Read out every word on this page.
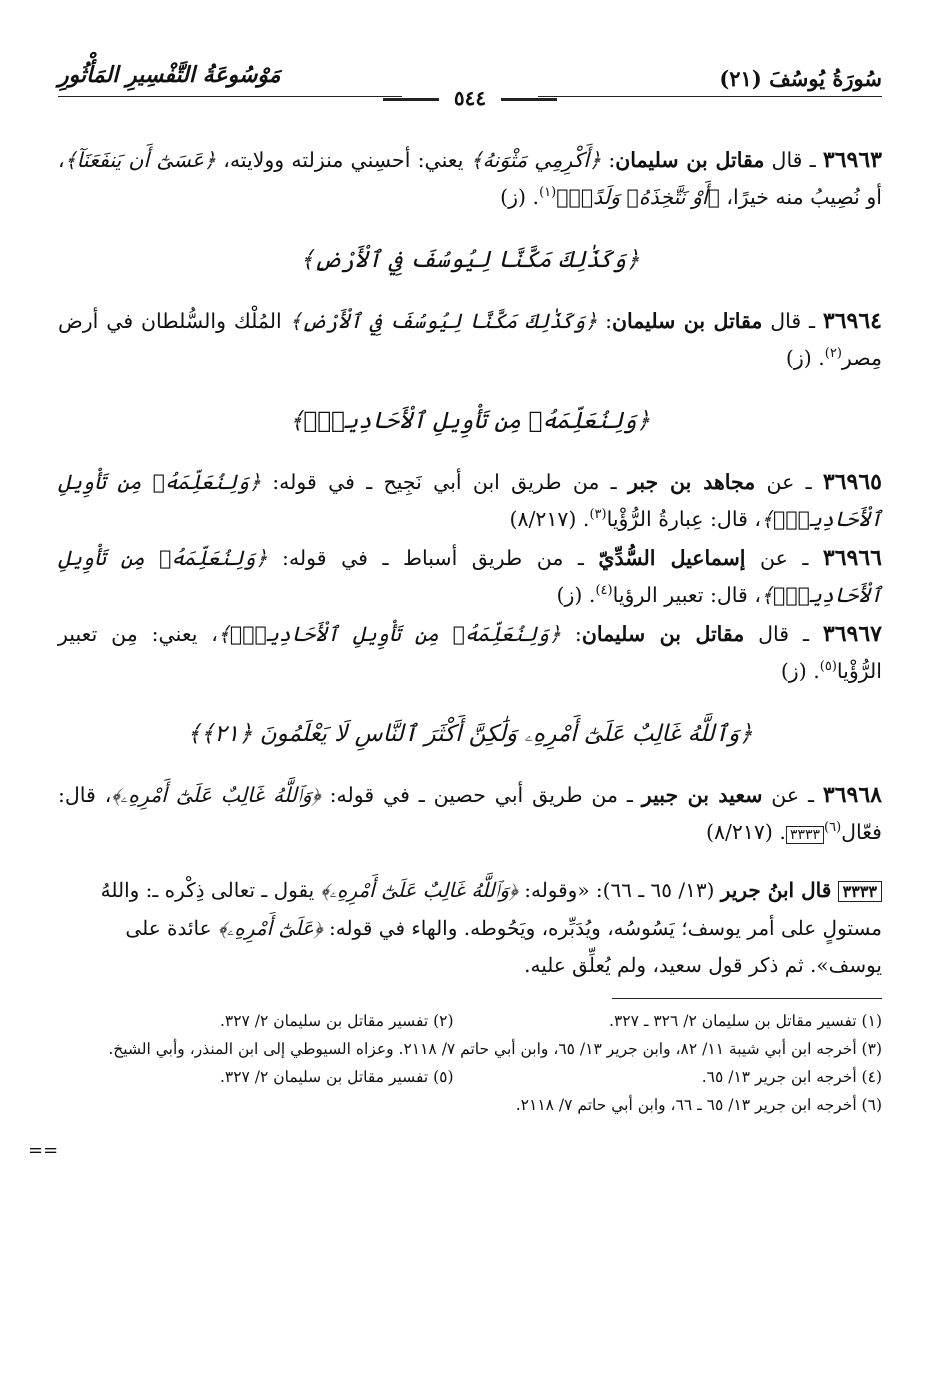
سُورَةُ يُوسُفَ (٢١)
مَوْسُوعَةُ التَّفْسِيرِ المَأْثُورِ
٥٤٤

٣٦٩٦٣ ـ قال مقاتل بن سليمان: ﴿أَكْرِمِي مَثْوَنهُ﴾ يعني: أحسِني منزلته وولايته، ﴿عَسَىٰٓ أَن يَنفَعَنَآ﴾، أو نُصِيبُ منه خيرًا، ﴿أَوْ نَتَّخِذَهُۥ وَلَدًاۚ﴾$^{(١)}$. (ز)

﴿وَكَذَٰلِكَ مَكَّنَّا لِيُوسُفَ فِي ٱلْأَرْضِ﴾

٣٦٩٦٤ ـ قال مقاتل بن سليمان: ﴿وَكَذَٰلِكَ مَكَّنَّا لِيُوسُفَ فِي ٱلْأَرْضِ﴾ المُلْك والسُّلطان في أرض مِصر$^{(٢)}$. (ز)

﴿وَلِنُعَلِّمَهُۥ مِن تَأْوِيلِ ٱلْأَحَادِيثِۚ﴾

٣٦٩٦٥ ـ عن مجاهد بن جبر ـ من طريق ابن أبي نَجِيح ـ في قوله: ﴿وَلِنُعَلِّمَهُۥ مِن تَأْوِيلِ ٱلْأَحَادِيثِۚ﴾، قال: عِبارةُ الرُّؤْيا$^{(٣)}$. (٨/٢١٧)

٣٦٩٦٦ ـ عن إسماعيل السُّدِّيّ ـ من طريق أسباط ـ في قوله: ﴿وَلِنُعَلِّمَهُۥ مِن تَأْوِيلِ ٱلْأَحَادِيثِۚ﴾، قال: تعبير الرؤيا$^{(٤)}$. (ز)

٣٦٩٦٧ ـ قال مقاتل بن سليمان: ﴿وَلِنُعَلِّمَهُۥ مِن تَأْوِيلِ ٱلْأَحَادِيثِۚ﴾، يعني: مِن تعبير الرُّؤْيا$^{(٥)}$. (ز)

﴿وَٱللَّهُ غَالِبٌ عَلَىٰٓ أَمْرِهِۦ وَلَٰكِنَّ أَكْثَرَ ٱلنَّاسِ لَا يَعْلَمُونَ ﴿٢١﴾﴾

٣٦٩٦٨ ـ عن سعيد بن جبير ـ من طريق أبي حصين ـ في قوله: ﴿وَٱللَّهُ غَالِبٌ عَلَىٰٓ أَمْرِهِۦ﴾، قال: فعّال$^{(٦)}$٣٣٣٣. (٨/٢١٧)

٣٣٣٣ قال ابنُ جرير (١٣/ ٦٥ ـ ٦٦): «وقوله: ﴿وَٱللَّهُ غَالِبٌ عَلَىٰٓ أَمْرِهِۦ﴾ يقول ـ تعالى ذِكْره ـ: واللهُ مستولٍ على أمر يوسف؛ يَسُوسُه، ويُدَبِّره، ويَحُوطه. والهاء في قوله: ﴿عَلَىٰٓ أَمْرِهِۦ﴾ عائدة على يوسف». ثم ذكر قول سعيد، ولم يُعلِّق عليه.
==
(١) تفسير مقاتل بن سليمان ٢/ ٣٢٦ ـ ٣٢٧.
(٢) تفسير مقاتل بن سليمان ٢/ ٣٢٧.
(٣) أخرجه ابن أبي شيبة ١١/ ٨٢، وابن جرير ١٣/ ٦٥، وابن أبي حاتم ٧/ ٢١١٨. وعزاه السيوطي إلى ابن المنذر، وأبي الشيخ.
(٤) أخرجه ابن جرير ١٣/ ٦٥.
(٥) تفسير مقاتل بن سليمان ٢/ ٣٢٧.
(٦) أخرجه ابن جرير ١٣/ ٦٥ ـ ٦٦، وابن أبي حاتم ٧/ ٢١١٨.
